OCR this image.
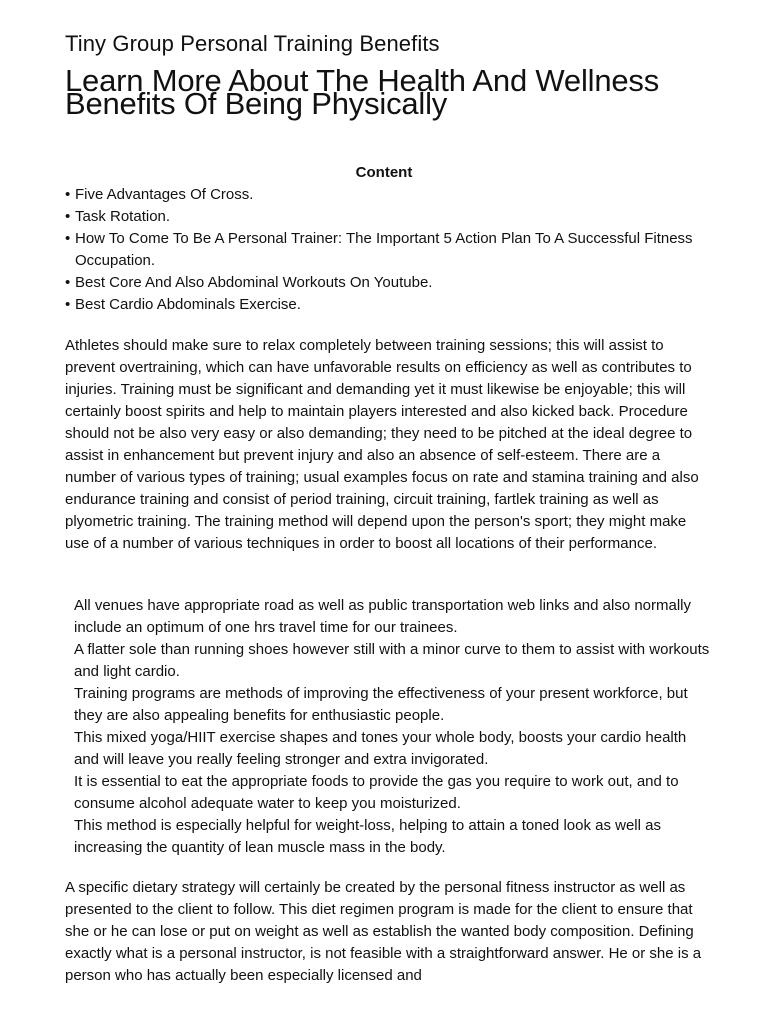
Tiny Group Personal Training Benefits
Learn More About The Health And Wellness Benefits Of Being Physically
Content
• Five Advantages Of Cross.
• Task Rotation.
• How To Come To Be A Personal Trainer: The Important 5 Action Plan To A Successful Fitness Occupation.
• Best Core And Also Abdominal Workouts On Youtube.
• Best Cardio Abdominals Exercise.

Athletes should make sure to relax completely between training sessions; this will assist to prevent overtraining, which can have unfavorable results on efficiency as well as contributes to injuries. Training must be significant and demanding yet it must likewise be enjoyable; this will certainly boost spirits and help to maintain players interested and also kicked back. Procedure should not be also very easy or also demanding; they need to be pitched at the ideal degree to assist in enhancement but prevent injury and also an absence of self-esteem. There are a number of various types of training; usual examples focus on rate and stamina training and also endurance training and consist of period training, circuit training, fartlek training as well as plyometric training. The training method will depend upon the person's sport; they might make use of a number of various techniques in order to boost all locations of their performance.

All venues have appropriate road as well as public transportation web links and also normally include an optimum of one hrs travel time for our trainees.
A flatter sole than running shoes however still with a minor curve to them to assist with workouts and light cardio.
Training programs are methods of improving the effectiveness of your present workforce, but they are also appealing benefits for enthusiastic people.
This mixed yoga/HIIT exercise shapes and tones your whole body, boosts your cardio health and will leave you really feeling stronger and extra invigorated.
It is essential to eat the appropriate foods to provide the gas you require to work out, and to consume alcohol adequate water to keep you moisturized.
This method is especially helpful for weight-loss, helping to attain a toned look as well as increasing the quantity of lean muscle mass in the body.

A specific dietary strategy will certainly be created by the personal fitness instructor as well as presented to the client to follow. This diet regimen program is made for the client to ensure that she or he can lose or put on weight as well as establish the wanted body composition. Defining exactly what is a personal instructor, is not feasible with a straightforward answer. He or she is a person who has actually been especially licensed and
